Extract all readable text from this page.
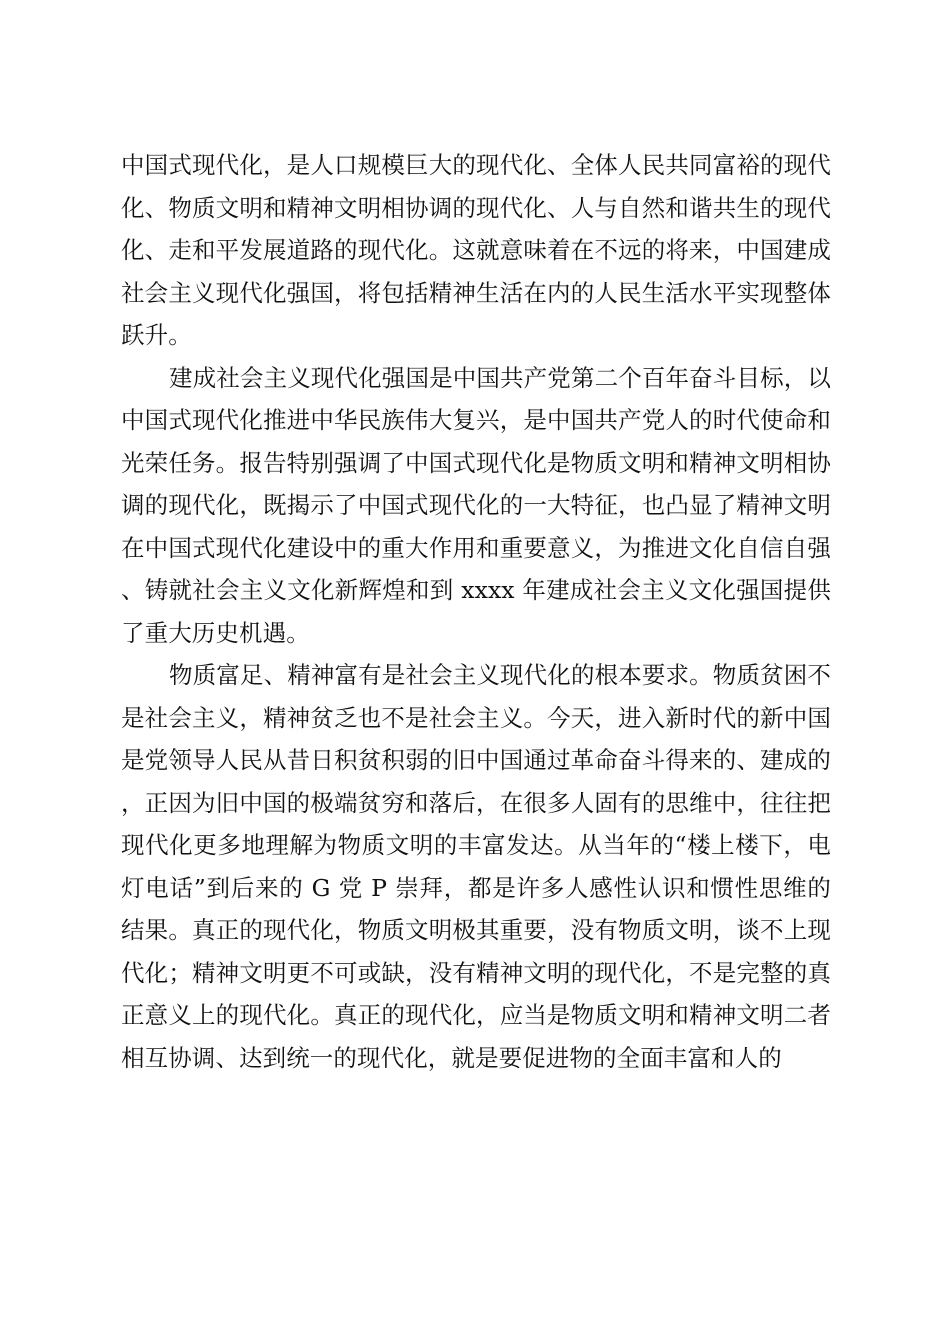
中国式现代化，是人口规模巨大的现代化、全体人民共同富裕的现代化、物质文明和精神文明相协调的现代化、人与自然和谐共生的现代化、走和平发展道路的现代化。这就意味着在不远的将来，中国建成社会主义现代化强国，将包括精神生活在内的人民生活水平实现整体跃升。

建成社会主义现代化强国是中国共产党第二个百年奋斗目标，以中国式现代化推进中华民族伟大复兴，是中国共产党人的时代使命和光荣任务。报告特别强调了中国式现代化是物质文明和精神文明相协调的现代化，既揭示了中国式现代化的一大特征，也凸显了精神文明在中国式现代化建设中的重大作用和重要意义，为推进文化自信自强、铸就社会主义文化新辉煌和到 xxxx 年建成社会主义文化强国提供了重大历史机遇。

物质富足、精神富有是社会主义现代化的根本要求。物质贫困不是社会主义，精神贫乏也不是社会主义。今天，进入新时代的新中国是党领导人民从昔日积贫积弱的旧中国通过革命奋斗得来的、建成的，正因为旧中国的极端贫穷和落后，在很多人固有的思维中，往往把现代化更多地理解为物质文明的丰富发达。从当年的“楼上楼下，电灯电话”到后来的 G 党 P 崇拜，都是许多人感性认识和惯性思维的结果。真正的现代化，物质文明极其重要，没有物质文明，谈不上现代化；精神文明更不可或缺，没有精神文明的现代化，不是完整的真正意义上的现代化。真正的现代化，应当是物质文明和精神文明二者相互协调、达到统一的现代化，就是要促进物的全面丰富和人的
